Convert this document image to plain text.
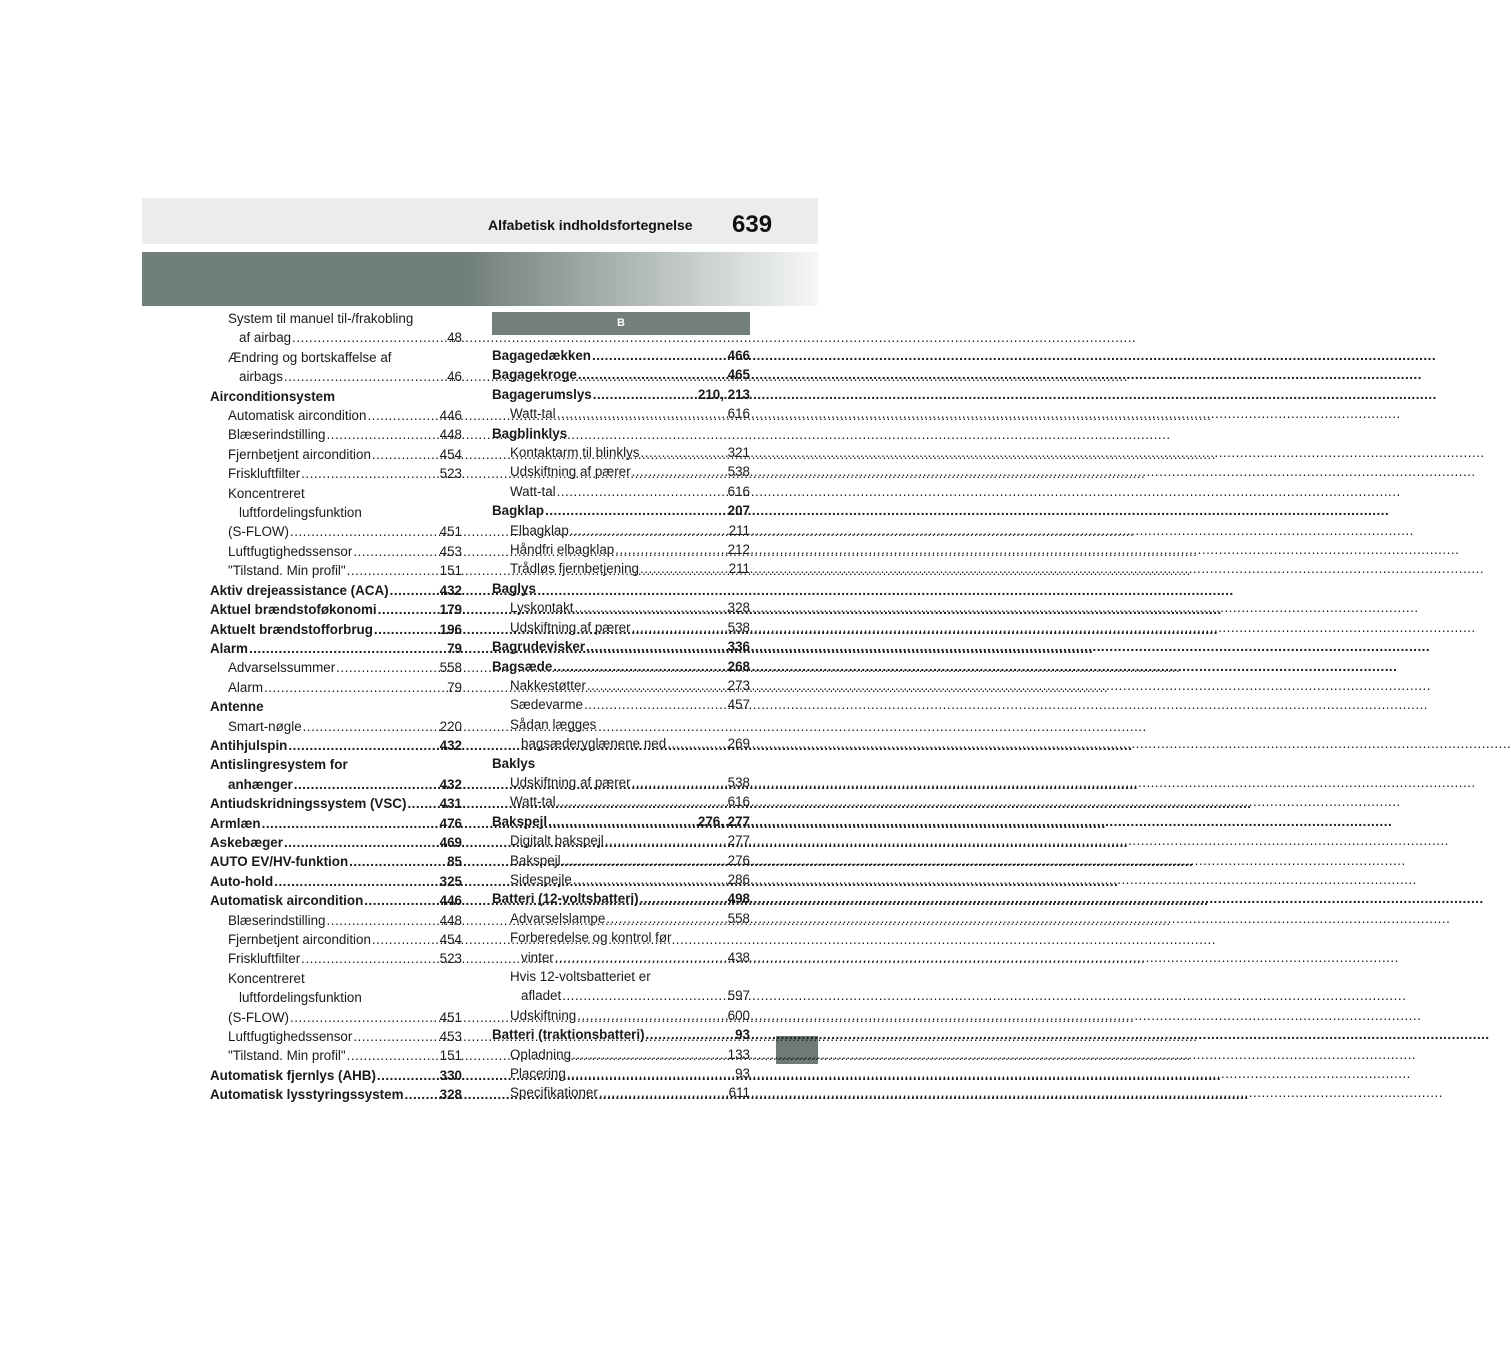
Alfabetisk indholdsfortegnelse 639
System til manuel til-/frakobling
af airbag .....	48
Ændring og bortskaffelse af
airbags .....	46
Airconditionsystem
Automatisk aircondition .....	446
Blæserindstilling .....	448
Fjernbetjent aircondition .....	454
Friskluftfilter .....	523
Koncentreret
luftfordelingsfunktion
(S-FLOW) .....	451
Luftfugtighedssensor .....	453
"Tilstand. Min profil" .....	151
Aktiv drejeassistance (ACA) .....	432
Aktuel brændstoføkonomi .....	179
Aktuelt brændstofforbrug .....	196
Alarm .....	79
Advarselssummer .....	558
Alarm .....	79
Antenne
Smart-nøgle .....	220
Antihjulspin .....	432
Antislingresystem for
anhænger .....	432
Antiudskridningssystem (VSC) ..... 431
Armlæn .....	476
Askebæger .....	469
AUTO EV/HV-funktion .....	85
Auto-hold .....	325
Automatisk aircondition .....	446
Blæserindstilling .....	448
Fjernbetjent aircondition .....	454
Friskluftfilter .....	523
Koncentreret
luftfordelingsfunktion
(S-FLOW) .....	451
Luftfugtighedssensor .....	453
"Tilstand. Min profil" .....	151
Automatisk fjernlys (AHB) .....	330
Automatisk lysstyringssystem .....	328
B
Bagagedækken .....	466
Bagagekroge .....	465
Bagagerumslys .....	210, 213
Watt-tal .....	616
Bagblinklys
Kontaktarm til blinklys .....	321
Udskiftning af pærer .....	538
Watt-tal .....	616
Bagklap .....	207
Elbagklap .....	211
Håndfri elbagklap .....	212
Trådløs fjernbetjening .....	211
Baglys
Lyskontakt .....	328
Udskiftning af pærer .....	538
Bagrudevisker .....	336
Bagsæde .....	268
Nakkestøtter .....	273
Sædevarme .....	457
Sådan lægges
bagsæderyglænene ned .....	269
Baklys
Udskiftning af pærer .....	538
Watt-tal .....	616
Bakspejl .....	276, 277
Digitalt bakspejl .....	277
Bakspejl .....	276
Sidespejle .....	286
Batteri (12-voltsbatteri) .....	498
Advarselslampe .....	558
Forberedelse og kontrol før
vinter .....	438
Hvis 12-voltsbatteriet er
afladet .....	597
Udskiftning .....	600
Batteri (traktionsbatteri) .....	93
Opladning .....	133
Placering .....	93
Specifikationer .....	611
